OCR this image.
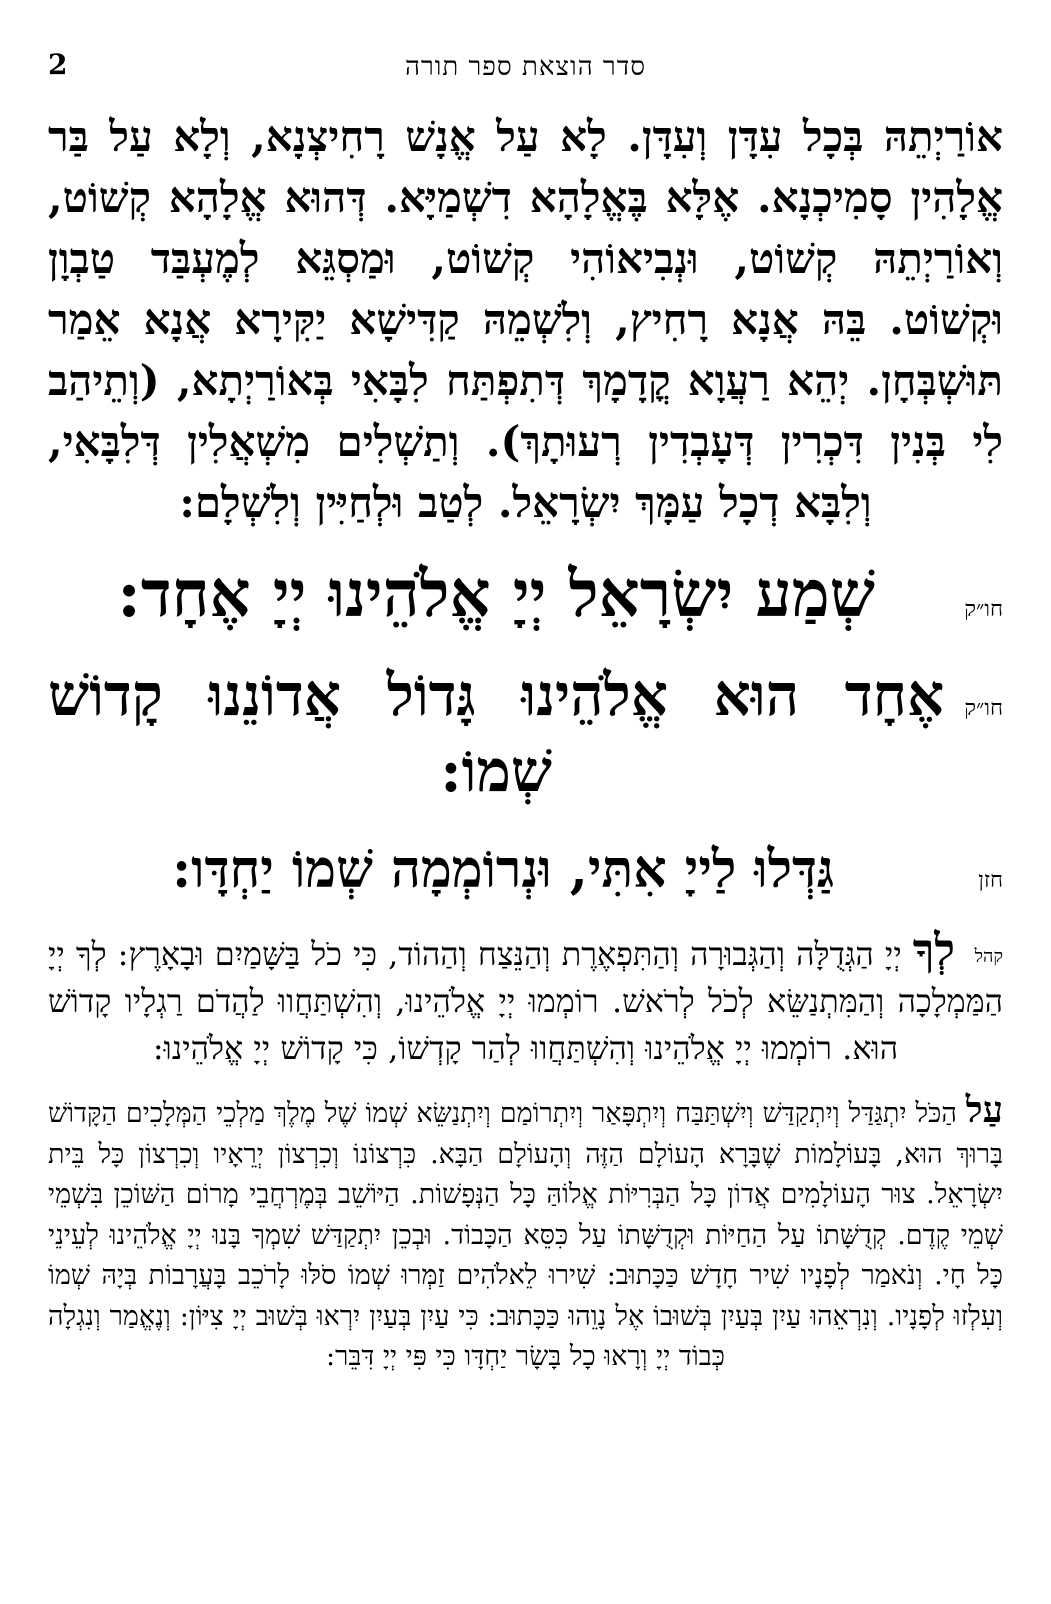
סדר הוצאת ספר תורה
2
אוֹרַיְתֵהּ בְּכָל עִדָּן וְעִדָּן. לָא עַל אֱנָשׁ רָחִיצְנָא, וְלָא עַל בַּר אֱלָהִין סָמִיכְנָא. אֶלָּא בֶּאֱלָהָא דִשְׁמַיָּא. דְּהוּא אֱלָהָא קְשׁוֹט, וְאוֹרַיְתֵהּ קְשׁוֹט, וּנְבִיאוֹהִי קְשׁוֹט, וּמַסְגֵּא לְמֶעְבַּד טַבְוָן וּקְשׁוֹט. בֵּהּ אֲנָא רָחִיץ, וְלִשְׁמֵהּ קַדִּישָׁא יַקִּירָא אֲנָא אֵמַר תּוּשְׁבְּחָן. יְהֵא רַעֲוָא קֳדָמָךְ דְּתִפְתַּח לִבָּאִי בְּאוֹרַיְתָא, (וְתֵיהַב לִי בְּנִין דִּכְרִין דְּעָבְדִין רְעוּתָךְ). וְתַשְׁלִים מִשְׁאֲלִין דְּלִבָּאִי, וְלִבָּא דְכָל עַמָּךְ יִשְׂרָאֵל. לְטַב וּלְחַיִּין וְלִשְׁלָם:
חו״ק
שְׁמַע יִשְׂרָאֵל יְיָ אֱלֹהֵינוּ יְיָ אֶחָד:
חו״ק
אֶחָד הוּא אֱלֹהֵינוּ גָּדוֹל אֲדוֹנֵנוּ קָדוֹשׁ שְׁמוֹ:
חזן
גַּדְּלוּ לַייָ אִתִּי, וּנְרוֹמְמָה שְׁמוֹ יַחְדָּו:
קהל
לְךָ יְיָ הַגְּדֻלָּה וְהַגְּבוּרָה וְהַתִּפְאֶרֶת וְהַנֵּצַח וְהַהוֹד, כִּי כֹל בַּשָּׁמַיִם וּבָאָרֶץ: לְךָ יְיָ הַמַּמְלָכָה וְהַמִּתְנַשֵּׂא לְכֹל לְרֹאשׁ. רוֹמְמוּ יְיָ אֱלֹהֵינוּ, וְהִשְׁתַּחֲווּ לַהֲדֹם רַגְלָיו קָדוֹשׁ הוּא. רוֹמְמוּ יְיָ אֱלֹהֵינוּ וְהִשְׁתַּחֲווּ לְהַר קָדְשׁוֹ, כִּי קָדוֹשׁ יְיָ אֱלֹהֵינוּ:
עַל הַכֹּל יִתְגַּדַּל וְיִתְקַדַּשׁ וְיִשְׁתַּבַּח וְיִתְפָּאַר וְיִתְרוֹמַם וְיִתְנַשֵּׂא שְׁמוֹ שֶׁל מֶלֶךְ מַלְכֵי הַמְּלָכִים הַקָּדוֹשׁ בָּרוּךְ הוּא, בָּעוֹלָמוֹת שֶׁבָּרָא הָעוֹלָם הַזֶּה וְהָעוֹלָם הַבָּא. כִּרְצוֹנוֹ וְכִרְצוֹן יְרֵאָיו וְכִרְצוֹן כָּל בֵּית יִשְׂרָאֵל. צוּר הָעוֹלָמִים אֲדוֹן כָּל הַבְּרִיּוֹת אֱלוֹהַּ כָּל הַנְּפָשׁוֹת. הַיּוֹשֵׁב בְּמֶרְחֲבֵי מָרוֹם הַשּׁוֹכֵן בִּשְׁמֵי שְׁמֵי קֶדֶם. קְדֻשָּׁתוֹ עַל הַחַיּוֹת וּקְדֻשָּׁתוֹ עַל כִּסֵּא הַכָּבוֹד. וּבְכֵן יִתְקַדַּשׁ שִׁמְךָ בָּנוּ יְיָ אֱלֹהֵינוּ לְעֵינֵי כָּל חָי. וְנֹאמַר לְפָנָיו שִׁיר חָדָשׁ כַּכָּתוּב: שִׁירוּ לֵאלֹהִים זַמְּרוּ שְׁמוֹ סֹלּוּ לָרֹכֵב בָּעֲרָבוֹת בְּיָהּ שְׁמוֹ וְעִלְזוּ לְפָנָיו. וְנִרְאֵהוּ עַיִן בְּעַיִן בְּשׁוּבוֹ אֶל נָוֵהוּ כַּכָּתוּב: כִּי עַיִן בְּעַיִן יִרְאוּ בְּשׁוּב יְיָ צִיּוֹן: וְנֶאֱמַר וְנִגְלָה כְּבוֹד יְיָ וְרָאוּ כָל בָּשָׂר יַחְדָּו כִּי פִּי יְיָ דִּבֵּר:
